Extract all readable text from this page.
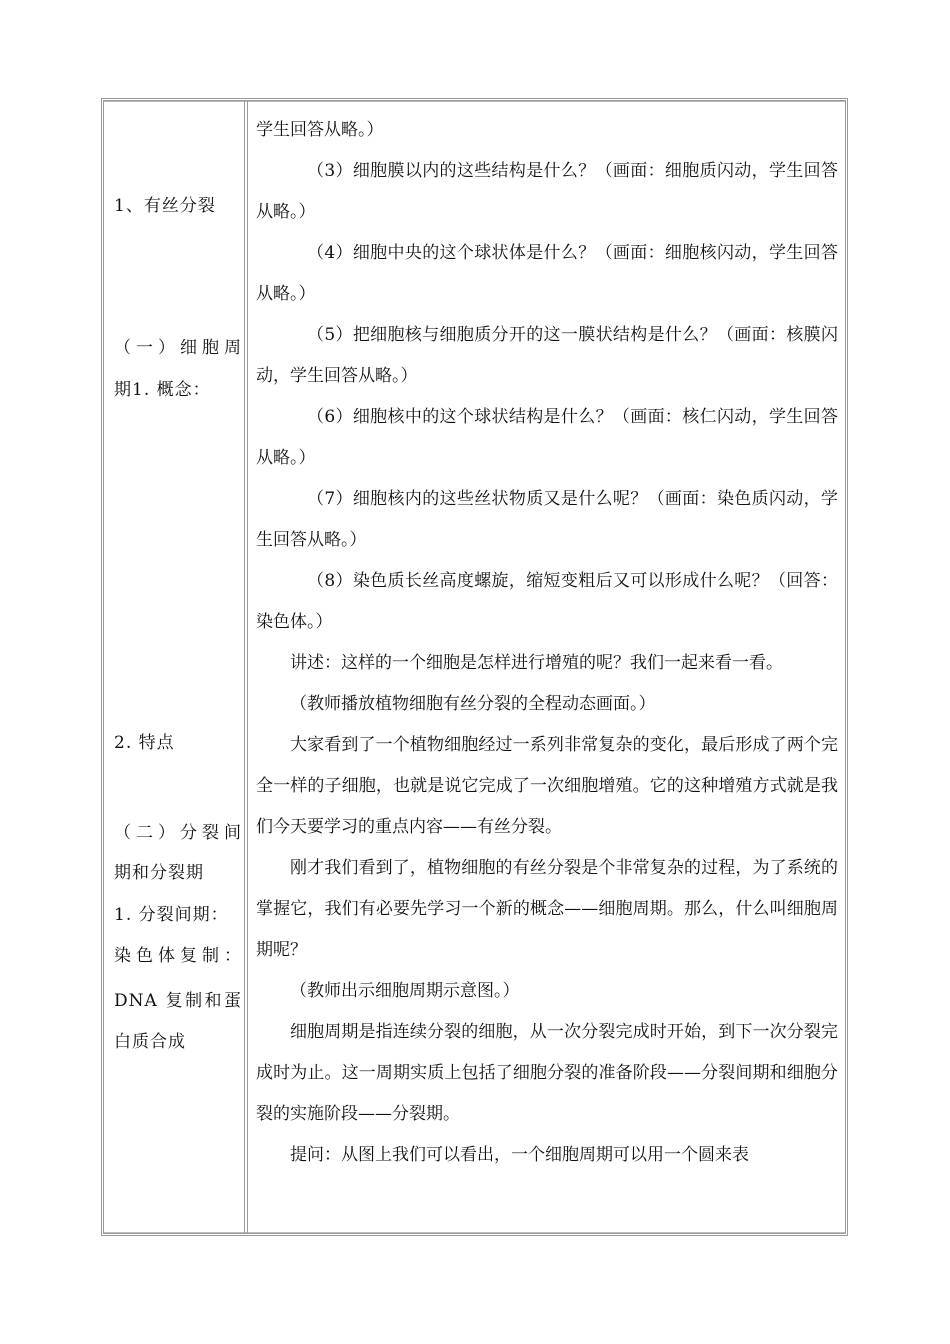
1、有丝分裂
（一）细胞周
期1. 概念：
2. 特点
（二）分裂间
期和分裂期
1. 分裂间期：
染色体复制：
DNA 复制和蛋
白质合成

学生回答从略。）

（3）细胞膜以内的这些结构是什么？（画面：细胞质闪动，学生回答从略。）

（4）细胞中央的这个球状体是什么？（画面：细胞核闪动，学生回答从略。）

（5）把细胞核与细胞质分开的这一膜状结构是什么？（画面：核膜闪动，学生回答从略。）

（6）细胞核中的这个球状结构是什么？（画面：核仁闪动，学生回答从略。）

（7）细胞核内的这些丝状物质又是什么呢？（画面：染色质闪动，学生回答从略。）

（8）染色质长丝高度螺旋，缩短变粗后又可以形成什么呢？（回答：染色体。）

讲述：这样的一个细胞是怎样进行增殖的呢？我们一起来看一看。

（教师播放植物细胞有丝分裂的全程动态画面。）

大家看到了一个植物细胞经过一系列非常复杂的变化，最后形成了两个完全一样的子细胞，也就是说它完成了一次细胞增殖。它的这种增殖方式就是我们今天要学习的重点内容——有丝分裂。

刚才我们看到了，植物细胞的有丝分裂是个非常复杂的过程，为了系统的掌握它，我们有必要先学习一个新的概念——细胞周期。那么，什么叫细胞周期呢？

（教师出示细胞周期示意图。）

细胞周期是指连续分裂的细胞，从一次分裂完成时开始，到下一次分裂完成时为止。这一周期实质上包括了细胞分裂的准备阶段——分裂间期和细胞分裂的实施阶段——分裂期。

提问：从图上我们可以看出，一个细胞周期可以用一个圆来表
